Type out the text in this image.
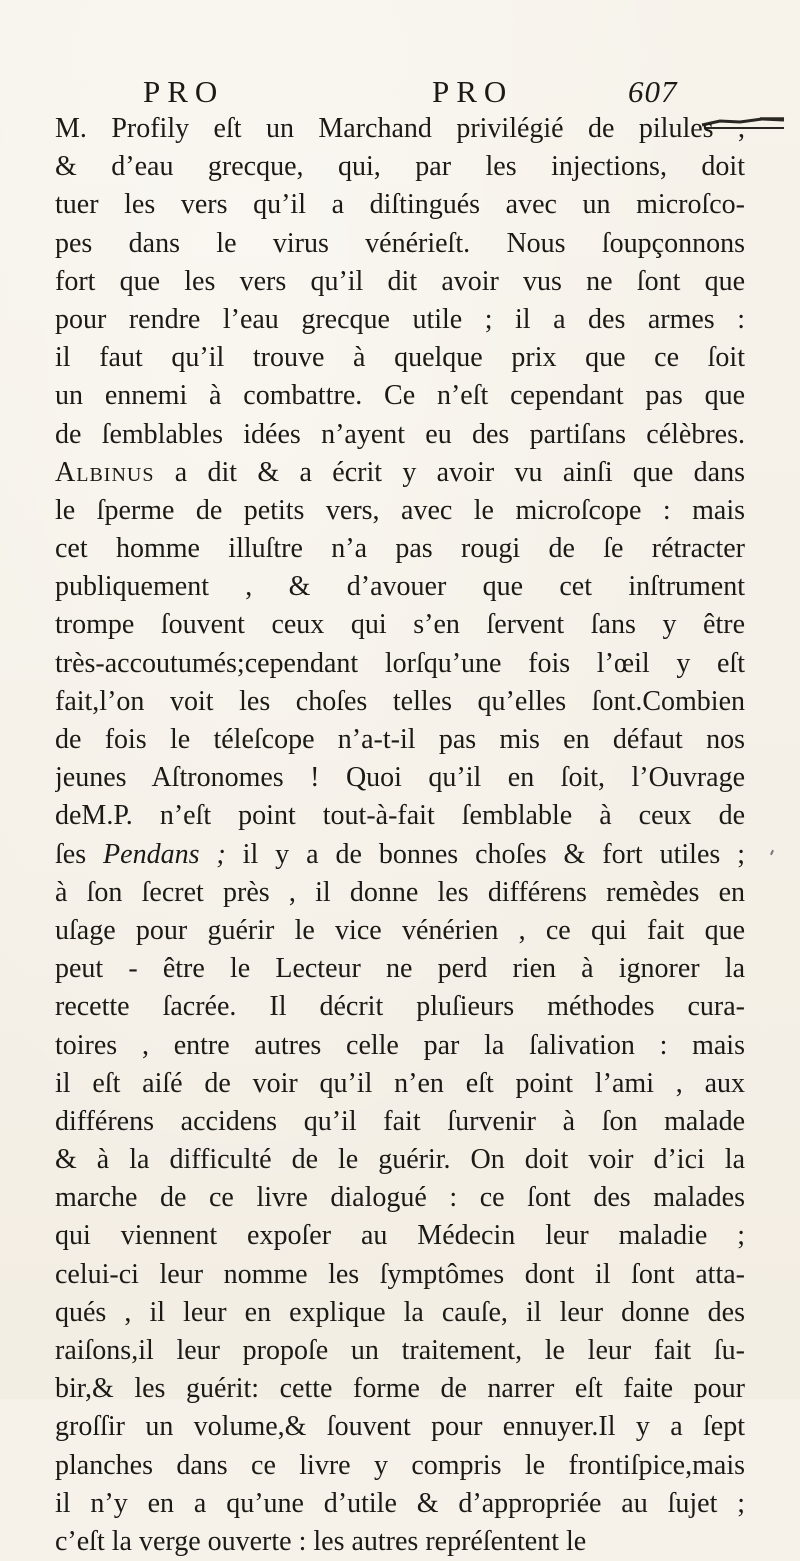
PRO	PRO	607
M. Profily eſt un Marchand privilégié de pilules ,
& d’eau grecque, qui, par les injections, doit
tuer les vers qu’il a diſtingués avec un microſco-
pes dans le virus vénérieſt. Nous ſoupçonnons
fort que les vers qu’il dit avoir vus ne ſont que
pour rendre l’eau grecque utile ; il a des armes :
il faut qu’il trouve à quelque prix que ce ſoit
un ennemi à combattre. Ce n’eſt cependant pas que
de ſemblables idées n’ayent eu des partiſans célèbres.
Albinus a dit & a écrit y avoir vu ainſi que dans
le ſperme de petits vers, avec le microſcope : mais
cet homme illuſtre n’a pas rougi de ſe rétracter
publiquement , & d’avouer que cet inſtrument
trompe ſouvent ceux qui s’en ſervent ſans y être
très-accoutumés;cependant lorſqu’une fois l’œil y eſt
fait,l’on voit les choſes telles qu’elles ſont.Combien
de fois le téleſcope n’a-t-il pas mis en défaut nos
jeunes Aſtronomes ! Quoi qu’il en ſoit, l’Ouvrage
deM.P. n’eſt point tout-à-fait ſemblable à ceux de
ſes Pendans ; il y a de bonnes choſes & fort utiles ;
à ſon ſecret près , il donne les différens remèdes en
uſage pour guérir le vice vénérien , ce qui fait que
peut - être le Lecteur ne perd rien à ignorer la
recette ſacrée. Il décrit pluſieurs méthodes cura-
toires , entre autres celle par la ſalivation : mais
il eſt aiſé de voir qu’il n’en eſt point l’ami , aux
différens accidens qu’il fait ſurvenir à ſon malade
& à la difficulté de le guérir. On doit voir d’ici la
marche de ce livre dialogué : ce ſont des malades
qui viennent expoſer au Médecin leur maladie ;
celui-ci leur nomme les ſymptômes dont il ſont atta-
qués , il leur en explique la cauſe, il leur donne des
raiſons,il leur propoſe un traitement, le leur fait ſu-
bir,& les guérit: cette forme de narrer eſt faite pour
groſſir un volume,& ſouvent pour ennuyer.Il y a ſept
planches dans ce livre y compris le frontiſpice,mais
il n’y en a qu’une d’utile & d’appropriée au ſujet ;
c’eſt la verge ouverte : les autres repréſentent le
